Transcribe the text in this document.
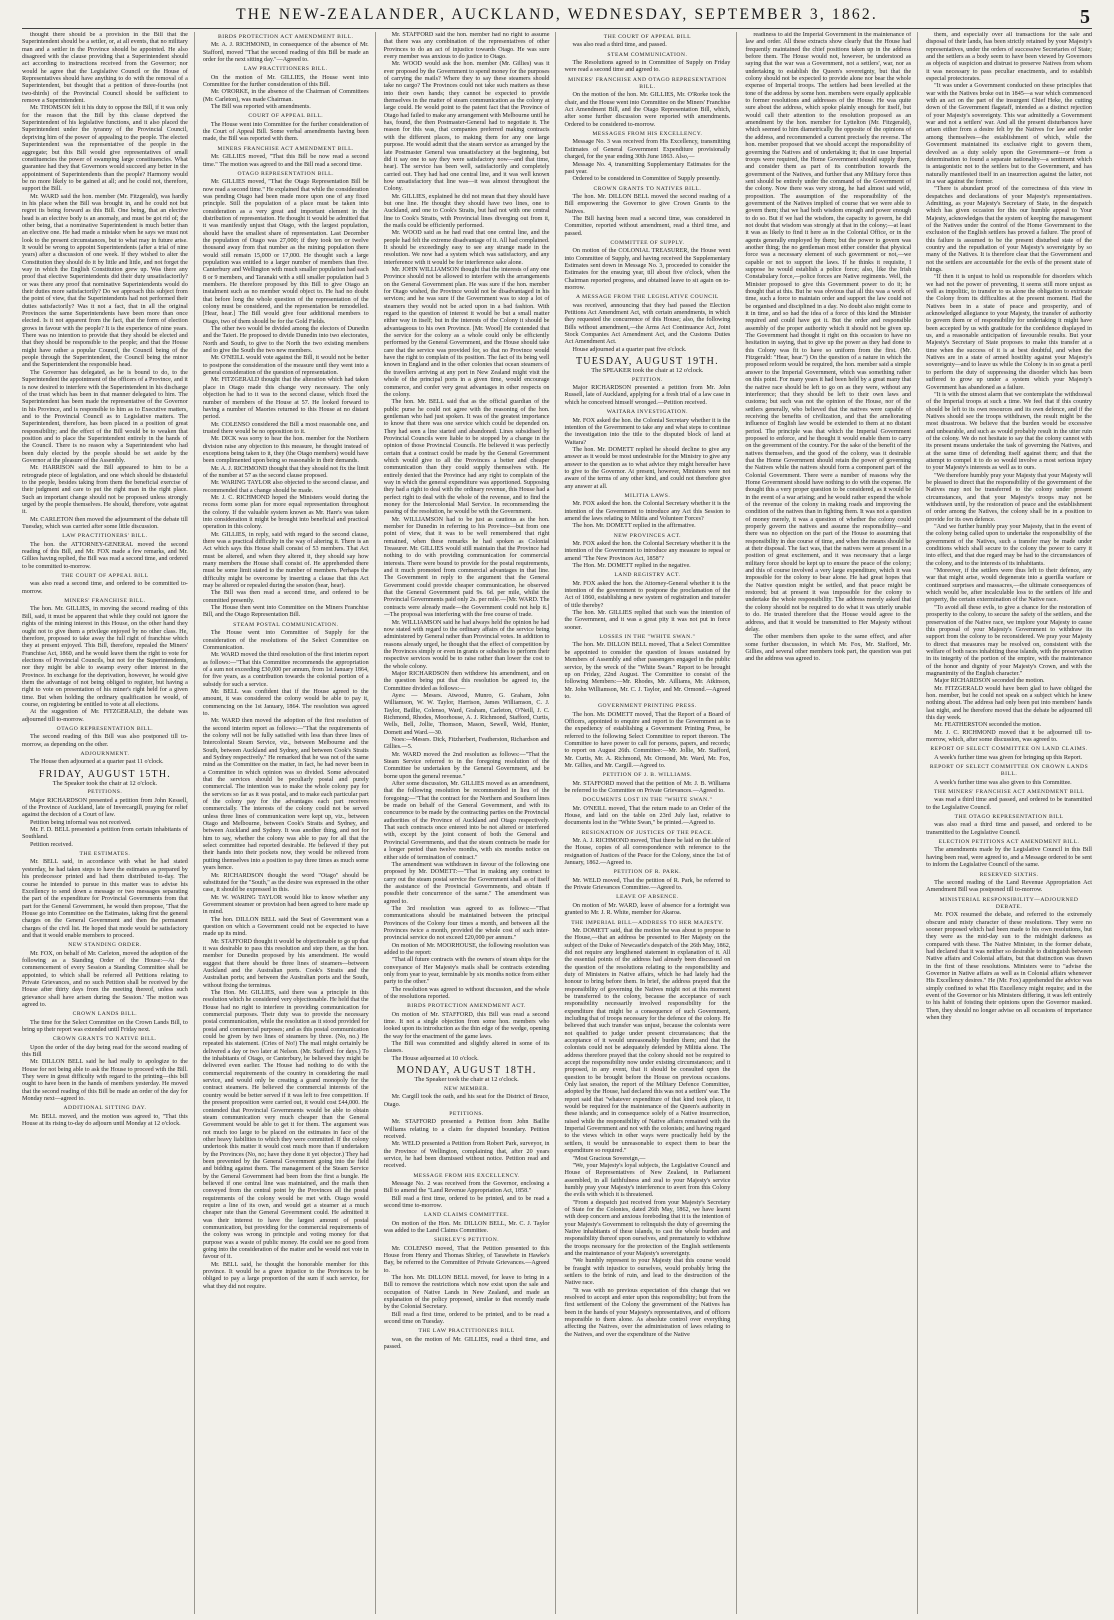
THE NEW-ZEALANDER, AUCKLAND, WEDNESDAY, SEPTEMBER 3, 1862.	5

thought there should be a provision in the Bill that the Superintendent should be a settler, or, at all events, that no military man and a settler in the Province should be appointed. He also disagreed with the clause providing that a Superintendent should act according to instructions received from the Governor; nor would he agree that the Legislative Council or the House of Representatives should have anything to do with the removal of a Superintendent, but thought that a petition of three-fourths (not two-thirds) of the Provincial Council should be sufficient to remove a Superintendent.

Mr. THOMSON felt it his duty to oppose the Bill, if it was only for the reason that the Bill by this clause deprived the Superintendent of his legislative functions, and it also placed the Superintendent under the tyranny of the Provincial Council, depriving him of the power of appealing to the people. The elected Superintendent was the representative of the people in the aggregate; but this Bill would give representatives of small constituencies the power of swamping large constituencies. What guarantee had they that Governors would succeed any better in the appointment of Superintendents than the people? Harmony would be no more likely to be gained at all; and he could not, therefore, support the Bill.

Mr. WARD said the hon. member (Mr. Fitzgerald), was hardly in his place when the Bill was brought in, and he could not but regret its being forward as this Bill. One being, that an elective head is an elective body is an anomaly, and must be got rid of; the other being, that a nominative Superintendent is much better than an elective one. He had made a mistake when he says we must not look to the present circumstances, but to what may in future arise. It would be wrong to appoint Superintendents (after a trial of nine years) after a discussion of one week. If they wished to alter the Constitution they should do it by little and little, and not forget the way in which the English Constitution grew up. Was there any proof that elective Superintendents did their duty unsatisfactorily? or was there any proof that nominative Superintendents would do their duties more satisfactorily? Do we approach this subject from the point of view, that the Superintendents had not performed their duties satisfactorily? Was it not a fact, that in all the original Provinces the same Superintendents have been more than once elected. Is it not apparent from the fact, that the form of election grows in favour with the people? It is the experience of nine years. There was no intention to provide that they should be elected and that they should be responsible to the people; and that the House might have rather a popular Council, the Council being of the people through the Superintendent, the Council being the minor and the Superintendent the responsible head.

The Governor has delegated, as he is bound to do, to the Superintendent the appointment of the officers of a Province, and it is now desired to interfere with the Superintendent in his discharge of the trust which has been in that manner delegated to him. The Superintendent has been made the representative of the Governor in his Province, and is responsible to him as to Executive matters, and to the Provincial Council as to Legislative matters. The Superintendent, therefore, has been placed in a position of great responsibility; and the effect of the Bill would be to weaken that position and to place the Superintendent entirely in the hands of the Council. There is no reason why a Superintendent who had been duly elected by the people should be set aside by the Governor at the pleasure of the Assembly.

Mr. HARRISON said the Bill appeared to him to be a retrograde piece of legislation, and one which should be distasteful to the people, besides taking from them the beneficial exercise of their judgment and care to put the right man in the right place. Such an important change should not be proposed unless strongly urged by the people themselves. He should, therefore, vote against it.

Mr. CARLETON then moved the adjournment of the debate till Tuesday, which was carried after some little discussion.

LAW PRACTITIONERS' BILL.

The hon. the ATTORNEY-GENERAL moved the second reading of this Bill, and Mr. FOX made a few remarks, and Mr. Gillies having replied, the Bill was read a second time, and ordered to be committed to-morrow.

THE COURT OF APPEAL BILL

was also read a second time, and ordered to be committed to-morrow.

MINERS' FRANCHISE BILL.

The hon. Mr. GILLIES, in moving the second reading of this Bill, said, it must be apparent that while they could not ignore the rights of the mining interest in this House, on the other hand they ought not to give them a privilege enjoyed by no other class. He, therefore, proposed to take away the full right of franchise which they at present enjoyed. This Bill, therefore, repealed the Miners' Franchise Act, 1860, and he would leave them the right to vote for elections of Provincial Councils, but not for the Superintendents, nor they might be able to swamp every other interest in the Province. In exchange for the deprivation, however, he would give them the advantage of not being obliged to register, but having a right to vote on presentation of his miner's right held for a given time. But when holding the ordinary qualification he would, of course, on registering be entitled to vote at all elections.

At the suggestion of Mr. FITZGERALD, the debate was adjourned till to-morrow.

OTAGO REPRESENTATION BILL.

The second reading of this Bill was also postponed till to-morrow, as depending on the other.

ADJOURNMENT.

The House then adjourned at a quarter past 11 o'clock.

FRIDAY, AUGUST 15TH.

The Speaker took the chair at 12 o'clock.

PETITIONS.

Major RICHARDSON presented a petition from John Kessell, of the Province of Auckland, late of Invercargill, praying for relief against the decision of a Court of law.

Petition being informal was not received.

Mr. F. D. BELL presented a petition from certain inhabitants of Southland.

Petition received.

THE ESTIMATES.

Mr. BELL said, in accordance with what he had stated yesterday, he had taken steps to have the estimates as prepared by his predecessor printed and had them distributed to-day. The course he intended to pursue in this matter was to advise his Excellency to send down a message or two messages separating the part of the expenditure for Provincial Governments from that part for the General Government, he would then propose, 'That the House go into Committee on the Estimates, taking first the general charges on the General Government and then the permanent charges of the civil list. He hoped that mode would be satisfactory and that it would enable members to proceed.

NEW STANDING ORDER.

Mr. FOX, on behalf of Mr. Carleton, moved the adoption of the following as a Standing Order of the House:—At the commencement of every Session a Standing Committee shall be appointed, to which shall be referred all Petitions relating to Private Grievances, and no such Petition shall be received by the House after thirty days from the meeting thereof, unless such grievance shall have arisen during the Session.' The motion was agreed to.

CROWN LANDS BILL.

The time for the Select Committee on the Crown Lands Bill, to bring up their report was extended until Friday next.

CROWN GRANTS TO NATIVE BILL.

Upon the order of the day being read for the second reading of this Bill

Mr. DILLON BELL said he had really to apologize to the House for not being able to ask the House to proceed with the Bill. They were in great difficulty with regard to the printing—this bill ought to have been in the hands of members yesterday. He moved that the second reading of this Bill be made an order of the day for Monday next—agreed to.

ADDITIONAL SITTING DAY.

Mr. BELL moved, and the motion was agreed to, "That this House at its rising to-day do adjourn until Monday at 12 o'clock.

BIRDS PROTECTION ACT AMENDMENT BILL.

Mr. A. J. RICHMOND, in consequence of the absence of Mr. Stafford, moved "That the second reading of this Bill be made an order for the next sitting day."—Agreed to.

LAW PRACTITIONERS BILL.

On the motion of Mr. GILLIES, the House went into Committee for the further consideration of this Bill.

Mr. O'RORKE, in the absence of the Chairman of Committees (Mr. Carleton), was made Chairman.

The Bill was reported with amendments.

COURT OF APPEAL BILL.

The House went into Committee for the further consideration of the Court of Appeal Bill. Some verbal amendments having been made, the Bill was reported with them.

MINERS FRANCHISE ACT AMENDMENT BILL.

Mr. GILLIES moved, "That this Bill be now read a second time." The motion was agreed to and the Bill read a second time.

OTAGO REPRESENTATION BILL.

Mr. GILLIES moved, "That the Otago Representation Bill be now read a second time." He explained that while the consideration was pending Otago had been made more upon one of any fixed principle. Still the population of a place must be taken into consideration as a very great and important element in the distribution of representation. He thought it would be admitted that it was manifestly unjust that Otago, with the largest population, should have the smallest share of representation. Last December the population of Otago was 27,000; if they took ten or twelve thousand away from that number as the mining population there would still remain 15,000 or 17,000. He thought such a large population was entitled to a larger number of members than five. Canterbury and Wellington with much smaller population had each 8 or 9 members, and Taranaki with a still smaller population had 3 members. He therefore proposed by this Bill to give Otago an instalment such as no member would object to. He had no doubt that before long the whole question of the representation of the colony must be considered, and the representation be remodelled. [Hear, hear.] The Bill would give four additional members to Otago, two of them should be for the Gold Fields.

The other two would be divided among the electors of Dunedin and the Taieri. He proposed to divide Dunedin into two electorates, North and South, to give to the North the two existing members and to give the South the two new members.

Mr. O'NEILL would vote against the Bill, it would not be better to postpone the consideration of the measure until they went into a general consideration of the question of representation.

Mr. FITZGERALD thought that the alteration which had taken place in Otago made this change very necessary. The only objection he had to it was to the second clause, which fixed the number of members of the House at 57. He looked forward to having a number of Maories returned to this House at no distant period.

Mr. COLENSO considered the Bill a most reasonable one, and trusted there would be no opposition to it.

Mr. DICK was sorry to hear the hon. member for the Northern division raise any objection to this measure, he thought instead of exceptions being taken to it, they (the Otago members) would have been complimented upon being so reasonable in their demands.

Mr. A. J. RICHMOND thought that they should not fix the limit of the number at 57 as the second clause proposed.

Mr. WARING TAYLOR also objected to the second clause, and recommended that a change should be made.

Mr. J. C. RICHMOND hoped the Ministers would during the recess form some plan for more equal representation throughout the colony. If the valuable system known as Mr. Hare's was taken into consideration it might be brought into beneficial and practical operation in this colony.

Mr. GILLIES, in reply, said with regard to the second clause, there was a practical difficulty in the way of altering it. There is an Act which says this House shall consist of 53 members. That Act must be altered, and when they altered it, they should say how many members the House shall consist of. He apprehended there must be some limit stated to the number of members. Perhaps the difficulty might be overcome by inserting a clause that this Act may be altered or repealed during the session (hear, hear).

The Bill was then read a second time, and ordered to be committed presently.

The House then went into Committee on the Miners Franchise Bill, and the Otago Representation Bill.

STEAM POSTAL COMMUNICATION.

The House went into Committee of Supply for the consideration of the resolutions of the Select Committee on Communication.

Mr. WARD moved the third resolution of the first interim report as follows:—"That this Committee recommends the appropriation of a sum not exceeding £30,000 per annum, from 1st January 1864, for five years, as a contribution towards the colonial portion of a subsidy for such a service.

Mr. BELL was confident that if the House agreed to the amount, it was considered the colony would be able to pay it, commencing on the 1st January, 1864. The resolution was agreed to.

Mr. WARD then moved the adoption of the first resolution of the second interim report as follows:—"That the requirements of the colony will not be fully satisfied with less than three lines of Intercolonial Steam Service, viz., between Melbourne and the South, between Auckland and Sydney, and between Cook's Straits and Sydney respectively." He remarked that he was not of the same mind as the Committee on the matter, in fact, he had never been in a Committee in which opinion was so divided. Some advocated that the services should be peculiarly postal and purely commercial. The intention was to make the whole colony pay for the services so far as it was postal, and to make each particular part of the colony pay for the advantages each part receives commercially. The interests of the colony could not be served unless three lines of communication were kept up, viz., between Otago and Melbourne, between Cook's Straits and Sydney, and between Auckland and Sydney. It was another thing, and not for him to say, whether the colony was able to pay for all that the select committee had reported desirable. He believed if they put their hands into their pockets now, they would be relieved from putting themselves into a position to pay three times as much some years hence.

Mr. RICHARDSON thought the word "Otago" should be substituted for the "South," as the desire was expressed in the other case, it should be expressed in this.

Mr. W. WARING TAYLOR would like to know whether any Government steamer or provision had been agreed to here made up in mind.

The hon. DILLON BELL said the Seat of Government was a question on which a Government could not be expected to have made up its mind.

Mr. STAFFORD thought it would be objectionable to go up that it was desirable to pass this resolution and step there, as the hon. member for Dunedin proposed by his amendment. He would suggest that there should be three lines of steamers—between Auckland and the Australian ports. Cook's Straits and the Australian ports; and between the Australian ports and the South, without fixing the terminus.

The Hon. Mr. GILLIES, said there was a principle in this resolution which he considered very objectionable. He held that the House had no right to interfere in providing communication for commercial purposes. Their duty was to provide the necessary postal communication, while the resolution as it stood provided for postal and commercial purposes; and as this postal communication could be given by two lines of steamers by three. (No, no.) He repeated his statement. (Cries of No!) The mail might certainly be delivered a day or two later at Nelson. (Mr. Stafford: for days.) To the inhabitants of Otago, or Canterbury, he believed they might be delivered even earlier. The House had nothing to do with the commercial requirements of the country in considering the mail service, and would only be creating a grand monopoly for the contract steamers. He believed the commercial interests of the country would be better served if it was left to free competition. If the present proposition were carried out, it would cost £44,000. He contended that Provincial Governments would be able to obtain steam communication very much cheaper than the General Government would be able to get it for them. The argument was not much too large to be placed on the estimates in face of the other heavy liabilities to which they were committed. If the colony undertook this matter it would cost much more than if undertaken by the Provinces (No, no; have they done it yet objector.) They had been prevented by the General Government going into the field and bidding against them. The management of the Steam Service by the General Government had been from the first a bungle. He believed if one central line was maintained, and the mails then conveyed from the central point by the Provinces all the postal requirements of the colony would be met with. Otago would require a line of its own, and would get a steamer at a much cheaper rate than the General Government could. He admitted it was their interest to have the largest amount of postal communication, but providing for the commercial requirements of the colony was wrong in principle and voting money for that purpose was a waste of public money. He could see no good from going into the consideration of the matter and he would not vote in favour of it.

Mr. BELL said, he thought the honorable member for this province. It would be a grave injustice to the Provinces to be obliged to pay a large proportion of the sum if such service, for what they did not require.

Mr. STAFFORD said the hon. member had no right to assume that there was any combination of the representatives of other Provinces to do an act of injustice towards Otago. He was sure every member was anxious to do justice to Otago.

Mr. WOOD would ask the hon. member (Mr. Gillies) was it ever proposed by the Government to spend money for the purposes of carrying the mails? Where they to say these steamers should take no cargo? The Provinces could not take such matters as these into their own hands; they cannot be expected to provide themselves in the matter of steam communication as the colony at large could. He would point to the patent fact that the Province of Otago had failed to make any arrangement with Melbourne until he has, found, the then Postmaster-General had to negotiate it. The reason for this was, that companies preferred making contracts with the different places, to making them for any one large purpose. He would admit that the steam service as arranged by the late Postmaster General was unsatisfactory at the beginning, but did it say one to say they were satisfactory now—and that time, hear). The service has been well, satisfactorily and completely carried out. They had had one central line, and it was well known how unsatisfactory that line was—it was almost throughout the Colony.

Mr. GILLIES, explained he did not mean that they should have but one line. He thought they should have two lines, one to Auckland, and one to Cook's Straits, but had not with one central line to Cook's Straits, with Provincial lines diverging out from it, the mails could be efficiently performed.

Mr. WOOD said as he had read that one central line, and the people had felt the extreme disadvantage of it. All had complained. It should be exceedingly easy to see any strange made in the resolution. We now had a system which was satisfactory, and any interference with it would be for interference sake alone.

Mr. JOHN WILLIAMSON thought that the interests of any one Province should not be allowed to interfere with the arrangements on the General Government plan. He was sure if the hon. member for Otago wished, the Province would not be disadvantaged in his services; and he was sure if the Government was to stop a lot of steamers they would not be acted upon in a bad fashion. With regard to the question of interest it would be but a small matter either way in itself; but in the interests of the Colony it should be advantageous to his own Province. [Mr. Wood] He contended that the service for the colony as a whole could only be efficiently performed by the General Government, and the House should take care that the service was provided for, so that no Province would have the right to complain of its position. The fact of its being well known in England and in the other colonies that ocean steamers of the travellers arriving at any port in New Zealand might visit the whole of the principal ports in a given time, would encourage commerce, and confer very great advantages in other respects on the colony.

The hon. Mr. BELL said that as the official guardian of the public purse he could not agree with the reasoning of the hon. gentleman who had just spoken. It was of the greatest importance to know that there was one service which could be depended on. They had seen a line started and abandoned. Lines subsidised by Provincial Councils were liable to be stopped by a change in the opinion of those Provincial Councils. He believed it was perfectly certain that a contract could be made by the General Government which would give to all the Provinces a better and cheaper communication than they could supply themselves with. He entirely denied that the Province had any right to complain of the way in which the general expenditure was apportioned. Supposing they had a right to deal with the ordinary revenue, this House had a perfect right to deal with the whole of the revenue, and to find the money for the Intercolonial Mail Service. In recommending the passing of the resolution, he would be with the Government.

Mr. WILLIAMSON had to be just as cautious as the hon. member for Dunedin in referring to his Province—but from one point of view, that it was to be well remembered that right remained, when these remarks he had spoken as Colonial Treasurer. Mr. GILLIES would still maintain that the Province had nothing to do with providing communication for commercial interests. There were bound to provide for the postal requirements, and it much promoted from commercial advantages in that line. The Government in reply to the argument that the General Government could provide cheaper communication, he observed that the General Government paid 9s. 6d. per mile, whilst the Provincial Governments paid only 2s. per mile.—[Mr. WARD. The contracts were already made—the Government could not help it.]—The proposal was interfering with the free course of trade.

Mr. WILLIAMSON said he had always held the opinion he had now stated with regard to the ordinary affairs of the service being administered by General rather than Provincial votes. In addition to reasons already urged, he thought that the effect of competition by the Provinces simply or even in grants or subsidies to perform their respective services would be to raise rather than lower the cost to the whole colony.

Major RICHARDSON then withdrew his amendment, and on the question being put that this resolution be agreed to, the Committee divided as follows:—

Ayes: — Messrs. Atwood, Munro, G. Graham, John Williamson, W. W. Taylor, Harrison, James Williamson, C. J. Taylor, Baillie, Colenso, Ward, Graham, Carleton, O'Neill, J. C. Richmond, Rhodes, Moorhouse, A. J. Richmond, Stafford, Curtis, Wells, Bell, Jollie, Thomson, Mason, Sewell, Weld, Hunter, Domett and Ward.—30.

Noes:—Messrs. Dick, Fitzherbert, Featherston, Richardson and Gillies.—5.

Mr. WARD moved the 2nd resolution as follows:—"That the Steam Service referred to in the foregoing resolution of the Committee be undertaken by the General Government, and be borne upon the general revenue."

After some discussion, Mr. GILLIES moved as an amendment, that the following resolution be recommended in lieu of the foregoing:—"That the contract for the Northern and Southern lines be made on behalf of the General Government, and with its concurrence to be made by the contracting parties on the Provincial authorities of the Province of Auckland and Otago respectively. That such contracts once entered into be not altered or interfered with, except by the joint consent of both the General and Provincial Governments, and that the steam contracts be made for a longer period than twelve months, with six months notice on either side of termination of contract."

The amendment was withdrawn in favour of the following one proposed by Mr. DOMETT:—"That in making any contract to carry out the steam postal service the Government shall as of itself the assistance of the Provincial Governments, and obtain if possible their concurrence of the same." The amendment was agreed to.

The 3rd resolution was agreed to as follows:—"That communications should be maintained between the principal Provinces of the Colony four times a month, and between all the Provinces twice a month, provided the whole cost of such inter-provincial service do not exceed £20,000 per annum."

On motion of Mr. MOORHOUSE, the following resolution was added to the report:

"That all future contracts with the owners of steam ships for the conveyance of Her Majesty's mails shall be contracts extending only from year to year, terminable by six months notice from either party to the other."

The resolution was agreed to without discussion, and the whole of the resolutions reported.

BIRDS PROTECTION AMENDMENT ACT.

On motion of Mr. STAFFORD, this Bill was read a second time. It not a single objection from some hon. members who looked upon its introduction as the thin edge of the wedge, opening the way for the enactment of the game laws.

The Bill was committed and slightly altered in some of its clauses.

The House adjourned at 10 o'clock.

MONDAY, AUGUST 18TH.

The Speaker took the chair at 12 o'clock.

NEW MEMBER.

Mr. Cargill took the oath, and his seat for the District of Bruce, Otago.

PETITIONS.

Mr. STAFFORD presented a Petition from John Baillie Williams relating to a claim for disputed boundary. Petition received.

Mr. WELD presented a Petition from Robert Park, surveyor, in the Province of Wellington, complaining that, after 20 years service, he had been dismissed without notice. Petition read and received.

MESSAGE FROM HIS EXCELLENCY.

Message No. 2 was received from the Governor, enclosing a Bill to amend the "Land Revenue Appropriation Act, 1858."

Bill read a first time, ordered to be printed, and to be read a second time to-morrow.

LAND CLAIMS COMMITTEE.

On motion of the Hon. Mr. DILLON BELL, Mr. C. J. Taylor was added to the Land Claims Committee.

SHIRLEY'S PETITION.

Mr. COLENSO moved, That the Petition presented to this House from Henry and Thomas Shirley, of Tarawhete in Hawke's Bay, be referred to the Committee of Private Grievances.—Agreed to.

The hon. Mr. DILLON BELL moved, for leave to bring in a Bill to remove the restrictions which now exist upon the sale and occupation of Native Lands in New Zealand, and made an explanation of the policy proposed, similar to that recently made by the Colonial Secretary.

Bill read a first time, ordered to be printed, and to be read a second time on Tuesday.

THE LAW PRACTITIONERS BILL

was, on the motion of Mr. GILLIES, read a third time, and passed.

THE COURT OF APPEAL BILL

was also read a third time, and passed.

STEAM COMMUNICATION.

The Resolutions agreed to in Committee of Supply on Friday were read a second time and agreed to.

MINERS' FRANCHISE AND OTAGO REPRESENTATION BILL.

On the motion of the hon. Mr. GILLIES, Mr. O'Rorke took the chair, and the House went into Committee on the Miners' Franchise Act Amendment Bill, and the Otago Representation Bill, which, after some further discussion were reported with amendments. Ordered to be considered to-morrow.

MESSAGES FROM HIS EXCELLENCY.

Message No. 3 was received from His Excellency, transmitting Estimates of General Government Expenditure provisionally charged, for the year ending 30th June 1863. Also,—

Message No. 4, transmitting Supplementary Estimates for the past year.

Ordered to be considered in Committee of Supply presently.

CROWN GRANTS TO NATIVES BILL.

The hon. Mr. DILLON BELL moved the second reading of a Bill empowering the Governor to give Crown Grants to the Natives.

The Bill having been read a second time, was considered in Committee, reported without amendment, read a third time, and passed.

COMMITTEE OF SUPPLY.

On motion of the COLONIAL TREASURER, the House went into Committee of Supply, and having received the Supplementary Estimates sent down in Message No. 3, proceeded to consider the Estimates for the ensuing year, till about five o'clock, when the Chairman reported progress, and obtained leave to sit again on to-morrow.

A MESSAGE FROM THE LEGISLATIVE COUNCIL

was received, announcing that they had passed the Election Petitions Act Amendment Act, with certain amendments, in which they requested the concurrence of this House; also, the following Bills without amendment,—the Arms Act Continuance Act, Joint Stock Companies Act Amendment Act, and the Customs Duties Act Amendment Act.

House adjourned at a quarter past five o'clock.

TUESDAY, AUGUST 19TH.

The SPEAKER took the chair at 12 o'clock.

PETITION.

Major RICHARDSON presented a petition from Mr. John Russell, late of Auckland, applying for a fresh trial of a law case in which he conceived himself wronged.—Petition received.

WAITARA INVESTIGATION.

Mr. FOX asked the hon. the Colonial Secretary whether it is the intention of the Government to take any and what steps to continue the investigation into the title to the disputed block of land at Waitara?

The hon. Mr. DOMETT replied he should decline to give any answer as it would be most undesirable for the Ministry to give any answer to the question as to what advice they might hereafter have to give to the Governor. At present, however, Ministers were not aware of the terms of any other kind, and could not therefore give any answer at all.

MILITIA LAWS.

Mr. FOX asked the hon. the Colonial Secretary whether it is the intention of the Government to introduce any Act this Session to amend the laws relating to Militia and Volunteer Forces?

The hon. Mr. DOMETT replied in the affirmative.

NEW PROVINCES ACT.

Mr. FOX asked the hon. the Colonial Secretary whether it is the intention of the Government to introduce any measure to repeal or amend "The New Provinces Act, 1858"?

The Hon. Mr. DOMETT replied in the negative.

LAND REGISTRY ACT.

Mr. FOX asked the hon. the Attorney-General whether it is the intention of the government to postpone the proclamation of the Act of 1860, establishing a new system of registration and transfer of title thereby?

The hon. Mr. GILLIES replied that such was the intention of the Government, and it was a great pity it was not put in force sooner.

LOSSES IN THE "WHITE SWAN."

The hon. Mr. DILLON BELL moved, That a Select Committee be appointed to consider the question of losses sustained by Members of Assembly and other passengers engaged in the public service, by the wreck of the "White Swan." Report to be brought up on Friday, 22nd August. The Committee to consist of the following Members:—Mr. Rhodes, Mr. Ailliams, Mr. Atkinson, Mr. John Williamson, Mr. C. J. Taylor, and Mr. Ormond.—Agreed to.

GOVERNMENT PRINTING PRESS.

The hon. Mr. DOMETT moved, That the Report of a Board of Officers, appointed to enquire and report to the Government as to the expediency of establishing a Government Printing Press, be referred to the following Select Committee to report thereon. The Committee to have power to call for persons, papers, and records; to report on August 26th. Committee:—Mr. Jollie, Mr. Stafford, Mr. Curtis, Mr. A. Richmond, Mr. Ormond, Mr. Ward, Mr. Fox, Mr. Gillies, and Mr. Cargill.—Agreed to.

PETITION OF J. B. WILLIAMS.

Mr. STAFFORD moved that the petition of Mr. J. B. Williams be referred to the Committee on Private Grievances.—Agreed to.

DOCUMENTS LOST IN THE "WHITE SWAN."

Mr. O'NEILL moved, That the return made to an Order of the House, and laid on the table on 23rd July last, relative to documents lost in the "White Swan," be printed.—Agreed to.

RESIGNATION OF JUSTICES OF THE PEACE.

Mr. A. J. RICHMOND moved, That there be laid on the table of the House, copies of all correspondence with reference to the resignation of Justices of the Peace for the Colony, since the 1st of January, 1862.—Agreed to.

PETITION OF R. PARK.

Mr. WELD moved, That the petition of R. Park, be referred to the Private Grievances Committee.—Agreed to.

LEAVE OF ABSENCE.

On motion of Mr. WARD, leave of absence for a fortnight was granted to Mr. J. R. White, member for Akaroa.

THE IMPERIAL BILL—ADDRESS TO HER MAJESTY.

Mr. DOMETT said, that the motion he was about to propose to the House,—that an address be presented to Her Majesty on the subject of the Duke of Newcastle's despatch of the 26th May, 1862, did not require any lengthened statement in explanation of it. All the essential points of the address had already been discussed on the question of the resolutions relating to the responsibility and duty of Ministers in Native affairs, which he had lately had the honour to bring before them. In brief, the address prayed that the responsibility of governing the Natives might not at this moment be transferred to the colony, because the acceptance of such responsibility necessarily involved responsibility for the expenditure that might be a consequence of such Government, including that of troops necessary for the defence of the colony. He believed that such transfer was unjust, because the colonists were not qualified to judge under present circumstances; that the acceptance of it would unreasonably burden them; and that the colonists could not be adequately defended by Militia alone. The address therefore prayed that the colony should not be required to accept the responsibility now under existing circumstances; and it proposed, in any event, that it should be consulted upon the question to be brought before the House on previous occasions. Only last session, the report of the Military Defence Committee, adopted by the House, had declared this was not a settlers' war. The report said that "whatever expenditure of that kind took place, it would be required for the maintenance of the Queen's authority in these islands; and in consequence solely of a Native insurrection, raised while the responsibility of Native affairs remained with the Imperial Government and not with the colonists; and having regard to the views which in other ways were practically held by the settlers, it would be unreasonable to expect them to bear the expenditure so required."

"Most Gracious Sovereign,—

"We, your Majesty's loyal subjects, the Legislative Council and House of Representatives of New Zealand, in Parliament assembled, in all faithfulness and zeal to your Majesty's service humbly pray your Majesty's interference to avert from this Colony the evils with which it is threatened.

"From a despatch just received from your Majesty's Secretary of State for the Colonies, dated 26th May, 1862, we have learnt with deep concern and anxious foreboding that it is the intention of your Majesty's Government to relinquish the duty of governing the Native inhabitants of these islands, to cast the whole burden and responsibility thereof upon ourselves, and prematurely to withdraw the troops necessary for the protection of the English settlements and the maintenance of your Majesty's sovereignty.

"We humbly represent to your Majesty that this course would be fraught with injustice to ourselves, would probably bring the settlers to the brink of ruin, and lead to the destruction of the Native race.

"It was with no previous expectation of this change that we resolved to accept and enter upon this responsibility; but from the first settlement of the Colony the government of the Natives has been in the hands of your Majesty's representatives, and of officers responsible to them alone. As absolute control over everything affecting the Natives, over the administration of laws relating to the Natives, and over the expenditure of the Native

readiness to aid the Imperial Government in the maintenance of law and order. All these extracts show clearly that the House had frequently maintained the chief positions taken up in the address before them. The House would not, however, be understood as saying that the war was a Government, not a settlers', war, nor as undertaking to establish the Queen's sovereignty, but that the colony should not be expected to provide alone nor bear the whole expense of Imperial troops. The settlers had been levelled at the tone of the address by some hon. members were equally applicable to former resolutions and addresses of the House. He was quite sure about the address, which spoke plainly enough for itself, but would call their attention to the resolution proposed as an amendment by the hon. member for Lyttelton (Mr. Fitzgerald), which seemed to him diametrically the opposite of the opinions of the address, and recommended a current precisely the reverse. The hon. member proposed that we should accept the responsibility of governing the Natives and of undertaking it; that in case Imperial troops were required, the Home Government should supply them, and consider them as part of its contribution towards the government of the Natives, and further that any Military force thus sent should be entirely under the command of the Government of the colony. Now there was very strong, he had almost said wild, proposition. The assumption of the responsibility of the government of the Natives implied of course that we were able to govern them; that we had both wisdom enough and power enough to do so. But if we had the wisdom, the capacity to govern, he did not doubt that wisdom was strongly at that in the colony;—at least it was as likely to find it here as in the Colonial Office, or in the agents generally employed by them; but the power to govern was another thing; the no gentleman most either consider that physical force was a necessary element of such government or not,—we capable or not to support the laws. If he thinks it requisite, I suppose he would establish a police force; also, like the Irish Constabulary force,—police forces are Native regiments. Well, the Minister proposed to give this Government power to do it; he thought that at this. But he was obvious that all this was a work of time, such a force to maintain order and support the law could not be organised and disciplined in a day. No doubt also might come to it in time, and so had the idea of a force of this kind the Minister required and could have got it. But the order and responsible assembly of the proper authority which it should not be given up. The Government had thought it right on this occasion to have no hesitation in saying, that to give up the power as they had done to this Colony was fit to have so uniform from the first. (Mr. Fitzgerald: "Hear, hear.") On the question of a nature in which the proposed reform would be required, the hon. member said a simple answer to the Imperial Government, which was something rather on this point. For many years it had been held by a great many that the native race should be left to go on as they were, without any interference; that they should be left to their own laws and customs; but such was not the opinion of the House, nor of the settlers generally, who believed that the natives were capable of receiving the benefits of civilization, and that the ameliorating influence of English law would be extended to them at no distant period. The principle was that which the Imperial Government proposed to enforce, and he thought it would enable them to carry on the government of the country. For the sake of the benefit of the natives themselves, and the good of the colony, was it desirable that the Home Government should retain the power of governing the Natives while the natives should form a component part of the Colonial Government. There were a number of reasons why the Home Government should have nothing to do with the expense. He thought this a very proper question to be considered, as it would be in the event of a war arising; and he would rather expend the whole of the revenue of the colony in making roads and improving the condition of the natives than in fighting them. It was not a question of money merely, it was a question of whether the colony could properly govern the natives and assume the responsibility—and there was no objection on the part of the House to assuming that responsibility in due course of time, and when the means should be at their disposal. The fact was, that the natives were at present in a position of great excitement, and it was necessary that a large military force should be kept up to ensure the peace of the colony; and this of course involved a very large expenditure, which it was impossible for the colony to bear alone. He had great hopes that the Native question might be settled, and that peace might be restored; but at present it was impossible for the colony to undertake the whole responsibility. The address merely asked that the colony should not be required to do what it was utterly unable to do. He trusted therefore that the House would agree to the address, and that it would be transmitted to Her Majesty without delay.

The other members then spoke to the same effect, and after some further discussion, in which Mr. Fox, Mr. Stafford, Mr. Gillies, and several other members took part, the question was put and the address was agreed to.

them, and especially over all transactions for the sale and disposal of their lands, has been strictly retained by your Majesty's representatives, under the orders of successive Secretaries of State; and the settlers as a body seem to have been viewed by Governors as objects of suspicion and distrust to preserve Natives from whom it was necessary to pass peculiar enactments, and to establish especial protectorates.

"It was under a Government conducted on these principles that war with the Natives broke out in 1845—a war which commenced with an act on the part of the insurgent Chief Heke, the cutting down of the Government flagstaff, intended as a distinct rejection of your Majesty's sovereignty. This war admittedly a Government war and not a settlers' war. And all the present disturbances have arisen either from a desire felt by the Natives for law and order among themselves—the establishment of which, while the Government maintained its exclusive right to govern them, devolved as a duty solely upon the Government—or from a determination to found a separate nationality—a sentiment which is antagonistic not to the settlers but to the Government, and has naturally manifested itself in an insurrection against the latter, not in a war against the former.

"There is abundant proof of the correctness of this view in despatches and declarations of your Majesty's representatives. Admitting, as your Majesty's Secretary of State, in the despatch which has given occasion for this our humble appeal to Your Majesty, acknowledges that the system of keeping the management of the Natives under the control of the Home Government to the exclusion of the English settlers has proved a failure. The proof of this failure is assumed to be the present disturbed state of the country and the repudiation of your Majesty's sovereignty by so many of the Natives. It is therefore clear that the Government and not the settlers are accountable for the evils of the present state of things.

"If then it is unjust to hold us responsible for disorders which we had not the power of preventing, it seems still more unjust as well as impolitic, to transfer to us alone the obligation to extricate the Colony from its difficulties at the present moment. Had the Natives been in a state of peace and prosperity, and of acknowledged allegiance to your Majesty, the transfer of authority to govern them or of responsibility for undertaking it might have been accepted by us with gratitude for the confidence displayed in us, and a reasonable anticipation of favourable results. But your Majesty's Secretary of State proposes to make this transfer at a time when the success of it is at best doubtful, and when the Natives are in a state of armed hostility against your Majesty's sovereignty—and to leave us while the Colony is in so great a peril to perform the duty of suppressing the disorder which has been suffered to grow up under a system which your Majesty's Government has abandoned as a failure.

"It is with the utmost alarm that we contemplate the withdrawal of the Imperial troops at such a time. We feel that if this country should be left to its own resources and its own defence, and if the Natives should see the troops withdrawn, the result might be the most disastrous. We believe that the burden would be excessive and unbearable, and such as would probably result in the utter ruin of the colony. We do not hesitate to say that the colony cannot with its present means undertake the task of governing the Natives, and at the same time of defending itself against them; and that the attempt to compel it to do so would involve a most serious injury to your Majesty's interests as well as to ours.

"We therefore humbly pray your Majesty that your Majesty will be pleased to direct that the responsibility of the government of the Natives may not be transferred to the colony under present circumstances, and that your Majesty's troops may not be withdrawn until, by the restoration of peace and the establishment of order among the Natives, the colony shall be in a position to provide for its own defence.

"And we further humbly pray your Majesty, that in the event of the colony being called upon to undertake the responsibility of the government of the Natives, such a transfer may be made under conditions which shall secure to the colony the power to carry it into effect, and that due regard may be had to the circumstances of the colony, and to the interests of its inhabitants.

"Moreover, if the settlers were thus left to their defence, any war that might arise, would degenerate into a guerilla warfare or continued surprises and massacres,—the ultimate consequences of which would be, after incalculable loss to the settlers of life and property, the certain extermination of the Native race.

"To avoid all these evils, to give a chance for the restoration of prosperity to the colony, to secure the safety of the settlers, and the preservation of the Native race, we implore your Majesty to cause this proposal of your Majesty's Government to withdraw its support from the colony to be reconsidered. We pray your Majesty to direct that measures may be resolved on, consistent with the welfare of both races inhabiting these islands, with the preservation in its integrity of the portion of the empire, with the maintenance of the honor and dignity of your Majesty's Crown, and with the magnanimity of the English character."

Major RICHARDSON seconded the motion.

Mr. FITZGERALD would have been glad to have obliged the hon. member, but he could not speak on a subject which he knew nothing about. The address had only been put into members' hands last night, and he therefore moved that the debate be adjourned till this day week.

Mr. FEATHERSTON seconded the motion.

Mr. J. C. RICHMOND moved that it be adjourned till to-morrow, which, after some discussion, was agreed to.

REPORT OF SELECT COMMITTEE ON LAND CLAIMS.

A week's further time was given for bringing up this Report.

REPORT OF SELECT COMMITTEE ON CROWN LANDS BILL.

A week's further time was also given to this Committee.

THE MINERS' FRANCHISE ACT AMENDMENT BILL

was read a third time and passed, and ordered to be transmitted to the Legislative Council.

THE OTAGO REPRESENTATION BILL

was also read a third time and passed, and ordered to be transmitted to the Legislative Council.

ELECTION PETITIONS ACT AMENDMENT BILL.

The amendments made by the Legislative Council in this Bill having been read, were agreed to, and a Message ordered to be sent to inform the Legislative Council of the same.

RESERVED SIXTHS.

The second reading of the Land Revenue Appropriation Act Amendment Bill was postponed till to-morrow.

MINISTERIAL RESPONSIBILITY—ADJOURNED DEBATE.

Mr. FOX resumed the debate, and referred to the extremely obscure and misty character of these resolutions. They were no sooner proposed which had been made to his own resolutions, but they were as the mid-day sun to the midnight darkness as compared with these. The Native Minister, in the former debate, had declared that it was neither so desirable to distinguish between Native affairs and Colonial affairs, but that distinction was drawn in the first of these resolutions. Ministers were to "advise the Governor in Native affairs as well as in Colonial affairs whenever His Excellency desires." He (Mr. Fox) apprehended the advice was simply confined to what His Excellency might require; and in the event of the Governor or his Ministers differing, it was left entirely to his habit of foisting their opinions upon the Governor masked. Then, they should no longer advise on all occasions of importance when they
